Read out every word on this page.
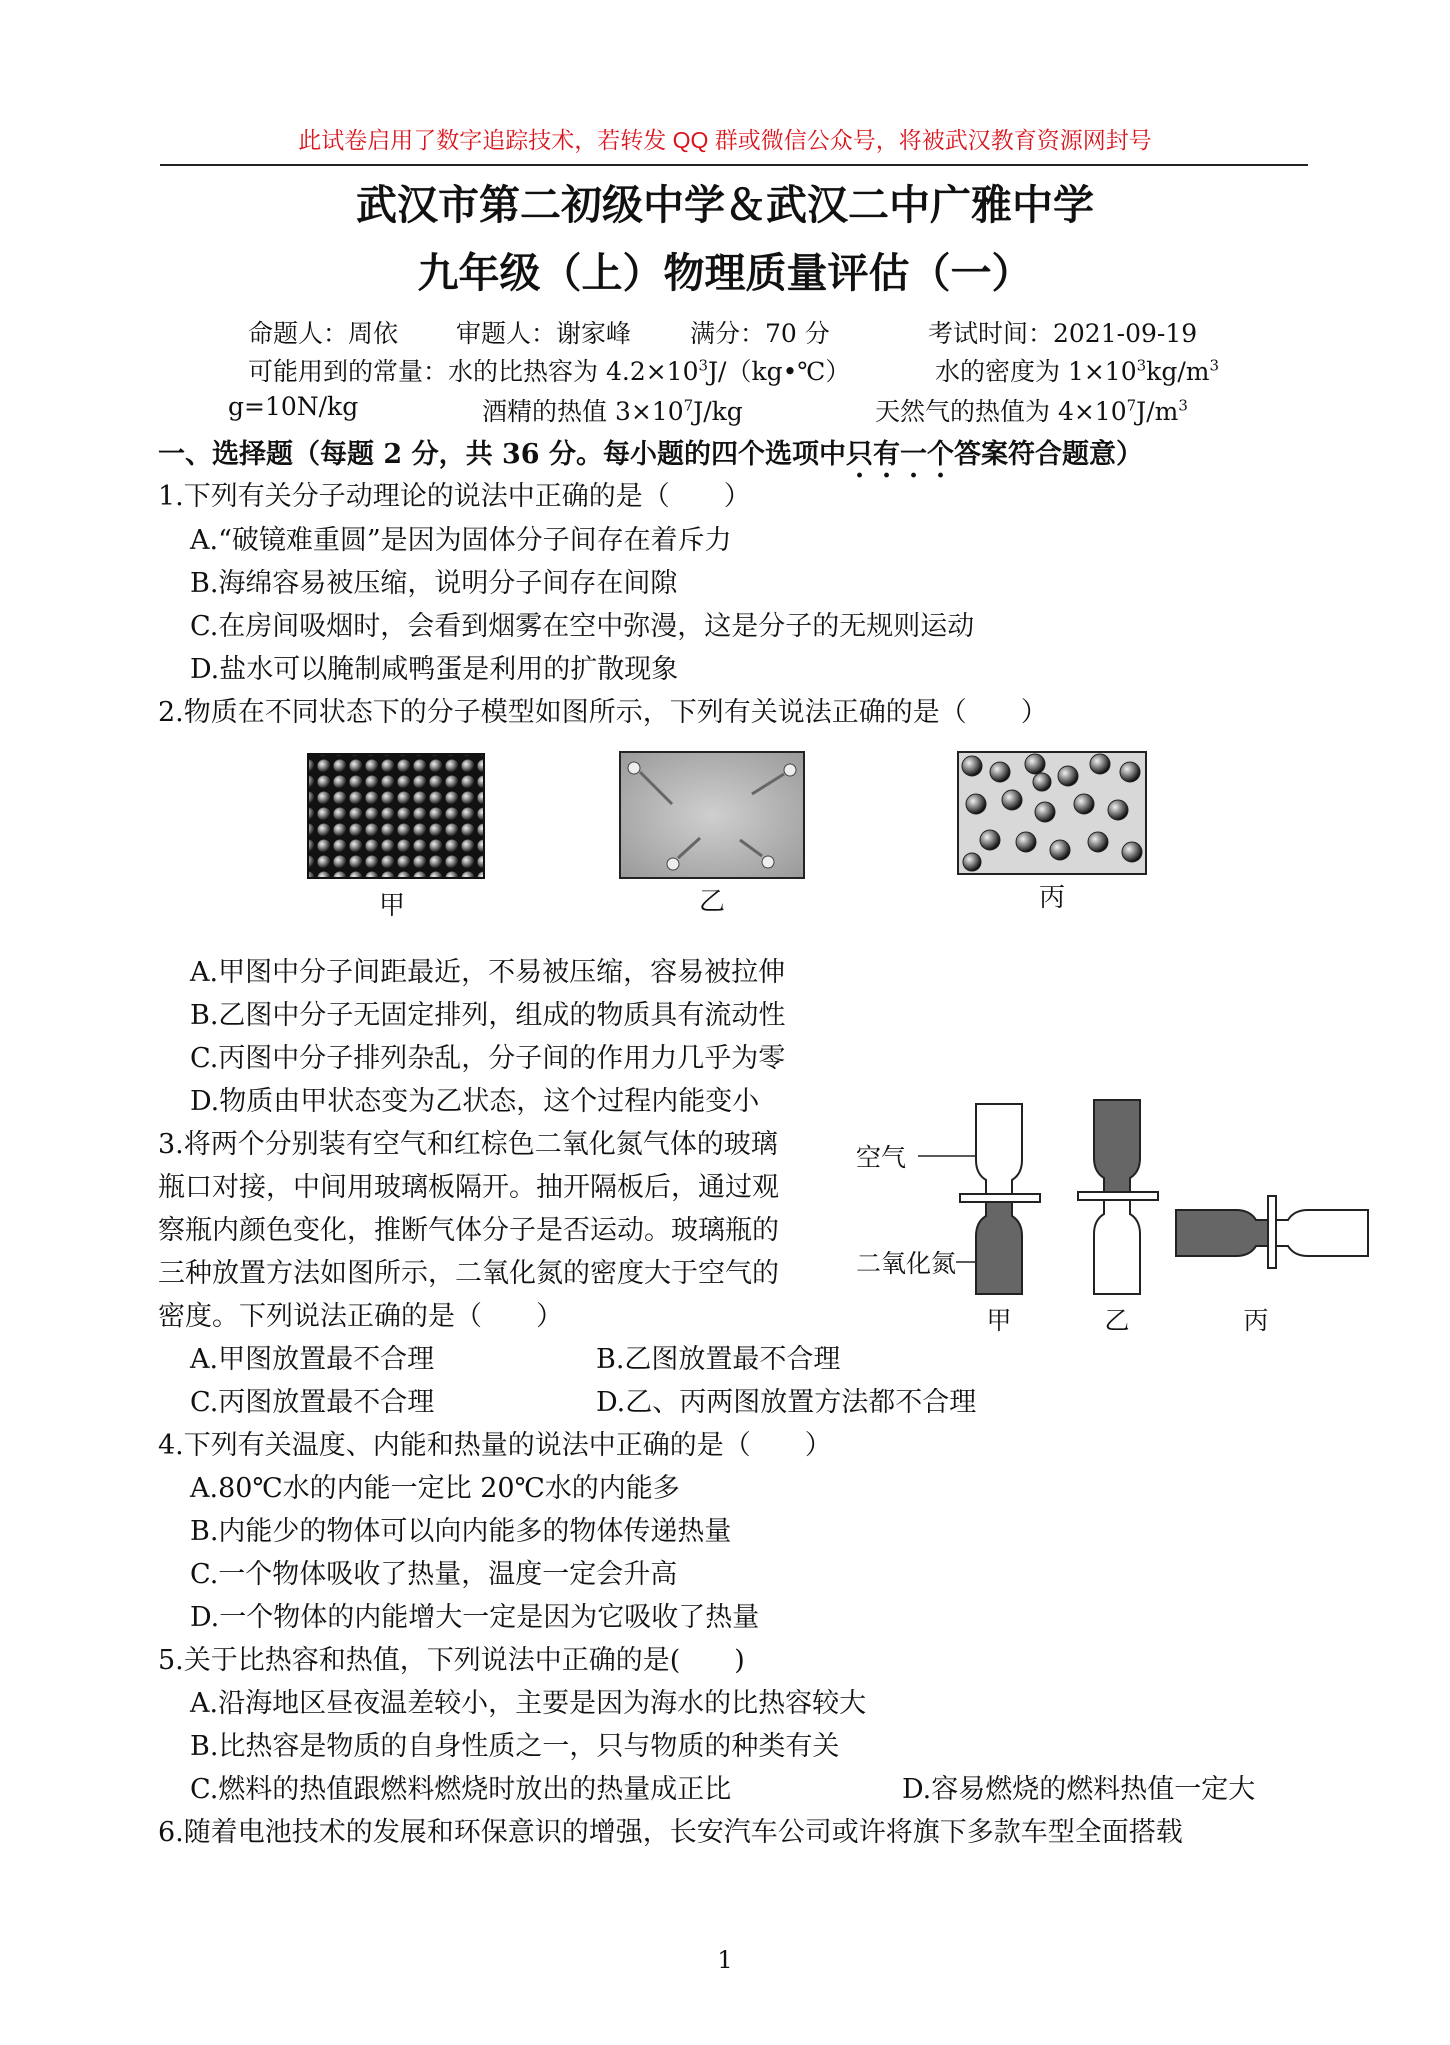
此试卷启用了数字追踪技术，若转发 QQ 群或微信公众号，将被武汉教育资源网封号
武汉市第二初级中学＆武汉二中广雅中学
九年级（上）物理质量评估（一）
命题人：周依 审题人：谢家峰 满分：70 分	考试时间：2021-09-19
可能用到的常量：水的比热容为 $4.2\times 10^3J/(kg•℃)$	水的密度为 $1\times 10^3kg/m^3$
g=10N/kg	酒精的热值 $3\times 10^7J/kg$	天然气的热值为 $4\times 10^7J/m^3$
一、选择题（每题 2 分，共 36 分。每小题的四个选项中只有一个答案符合题意）
1.下列有关分子动理论的说法中正确的是（　　）
A.“破镜难重圆”是因为固体分子间存在着斥力
B.海绵容易被压缩，说明分子间存在间隙
C.在房间吸烟时，会看到烟雾在空中弥漫，这是分子的无规则运动
D.盐水可以腌制咸鸭蛋是利用的扩散现象
2.物质在不同状态下的分子模型如图所示，下列有关说法正确的是（　　）
甲	乙	丙
A.甲图中分子间距最近，不易被压缩，容易被拉伸
B.乙图中分子无固定排列，组成的物质具有流动性
C.丙图中分子排列杂乱，分子间的作用力几乎为零
D.物质由甲状态变为乙状态，这个过程内能变小
3.将两个分别装有空气和红棕色二氧化氮气体的玻璃
瓶口对接，中间用玻璃板隔开。抽开隔板后，通过观
察瓶内颜色变化，推断气体分子是否运动。玻璃瓶的
三种放置方法如图所示，二氧化氮的密度大于空气的
密度。下列说法正确的是（　　）
空气
二氧化氮
甲	乙	丙
A.甲图放置最不合理	B.乙图放置最不合理
C.丙图放置最不合理	D.乙、丙两图放置方法都不合理
4.下列有关温度、内能和热量的说法中正确的是（　　）
A.80℃水的内能一定比 20℃水的内能多
B.内能少的物体可以向内能多的物体传递热量
C.一个物体吸收了热量，温度一定会升高
D.一个物体的内能增大一定是因为它吸收了热量
5.关于比热容和热值，下列说法中正确的是(　　)
A.沿海地区昼夜温差较小，主要是因为海水的比热容较大
B.比热容是物质的自身性质之一，只与物质的种类有关
C.燃料的热值跟燃料燃烧时放出的热量成正比	D.容易燃烧的燃料热值一定大
6.随着电池技术的发展和环保意识的增强，长安汽车公司或许将旗下多款车型全面搭载
1
